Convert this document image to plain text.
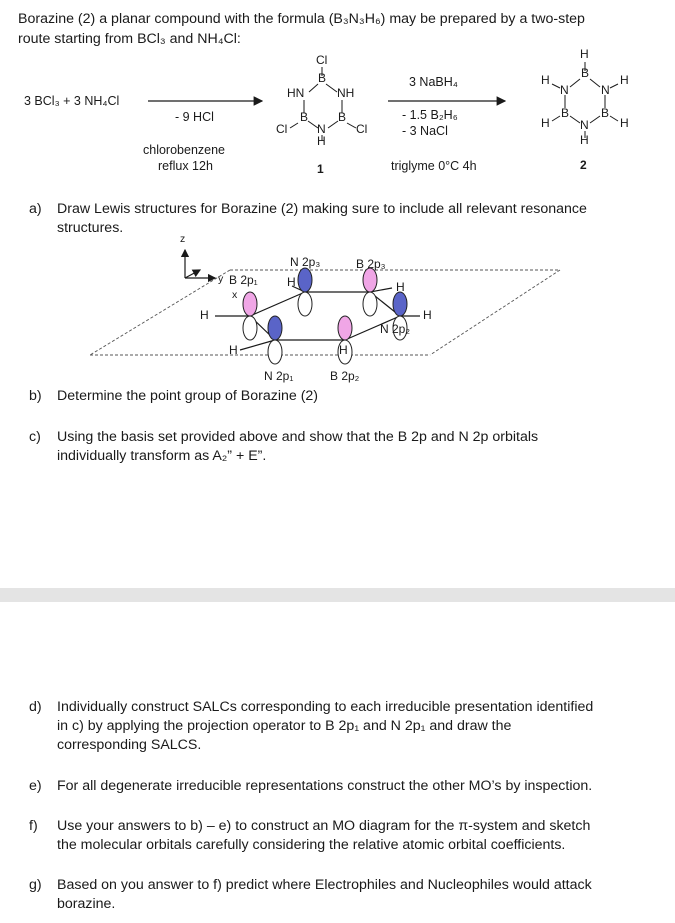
Borazine (2) a planar compound with the formula (B₃N₃H₆) may be prepared by a two-step
route starting from BCl₃ and NH₄Cl:
3 BCl₃ + 3 NH₄Cl
- 9 HCl
chlorobenzene
reflux 12h
Cl
B
HN	NH
B B
Cl	Cl
N
H
1
3 NaBH₄
- 1.5 B₂H₆
- 3 NaCl
triglyme 0°C 4h
H
B
H	H
N	N
B	B
H	H
N
H
2
a) Draw Lewis structures for Borazine (2) making sure to include all relevant resonance
structures.
z
y
x
B 2p₁
N 2p₃	B 2p₃
H	H
H	H
N 2p₂
H	H
N 2p₁	B 2p₂
b) Determine the point group of Borazine (2)
c) Using the basis set provided above and show that the B 2p and N 2p orbitals
individually transform as A₂” + E”.
d) Individually construct SALCs corresponding to each irreducible presentation identified
in c) by applying the projection operator to B 2p₁ and N 2p₁ and draw the
corresponding SALCS.
e) For all degenerate irreducible representations construct the other MO’s by inspection.
f) Use your answers to b) – e) to construct an MO diagram for the π-system and sketch
the molecular orbitals carefully considering the relative atomic orbital coefficients.
g) Based on you answer to f) predict where Electrophiles and Nucleophiles would attack
borazine.
